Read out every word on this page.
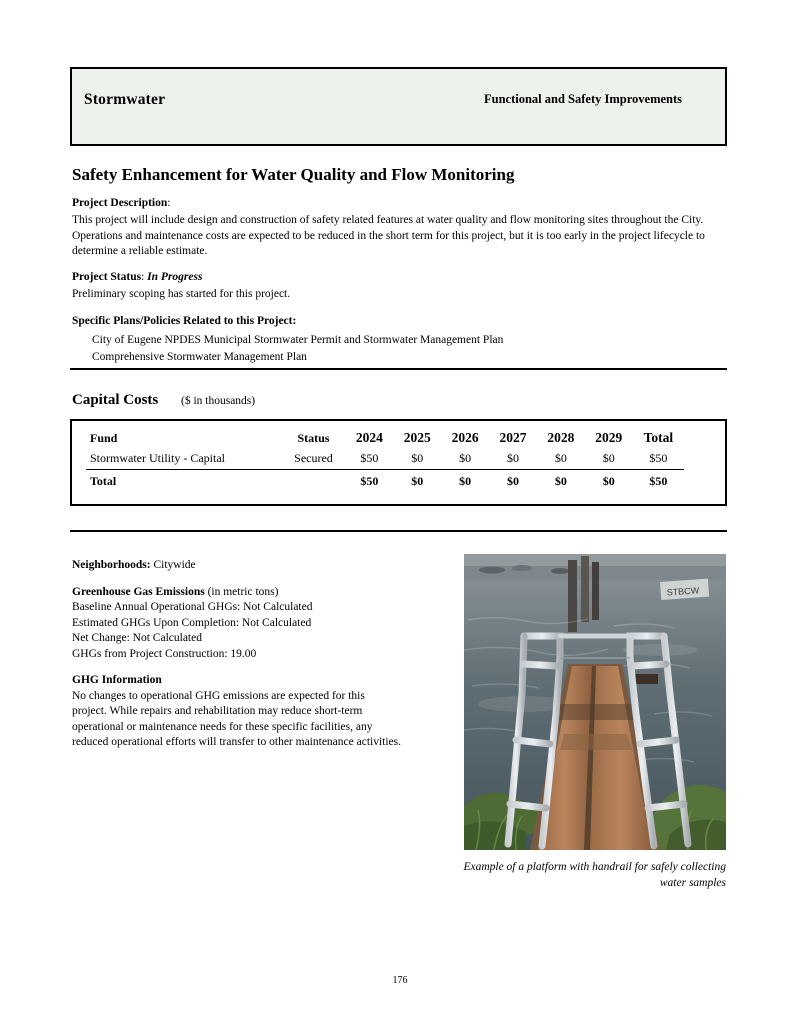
Stormwater	Functional and Safety Improvements
Safety Enhancement for Water Quality and Flow Monitoring

Project Description:

This project will include design and construction of safety related features at water quality and flow monitoring sites throughout the City. Operations and maintenance costs are expected to be reduced in the short term for this project, but it is too early in the project lifecycle to determine a reliable estimate.

Project Status: In Progress

Preliminary scoping has started for this project.

Specific Plans/Policies Related to this Project:

City of Eugene NPDES Municipal Stormwater Permit and Stormwater Management Plan
Comprehensive Stormwater Management Plan
Capital Costs ($ in thousands)
Fund	Status	2024	2025	2026	2027	2028	2029	Total
Stormwater Utility - Capital	Secured	$50	$0	$0	$0	$0	$0	$50
Total		$50	$0	$0	$0	$0	$0	$50
Neighborhoods: Citywide
Greenhouse Gas Emissions (in metric tons)
Baseline Annual Operational GHGs: Not Calculated
Estimated GHGs Upon Completion: Not Calculated
Net Change: Not Calculated
GHGs from Project Construction: 19.00
GHG Information
No changes to operational GHG emissions are expected for this project. While repairs and rehabilitation may reduce short-term operational or maintenance needs for these specific facilities, any reduced operational efforts will transfer to other maintenance activities.
STBCW
Example of a platform with handrail for safely collecting water samples
176
